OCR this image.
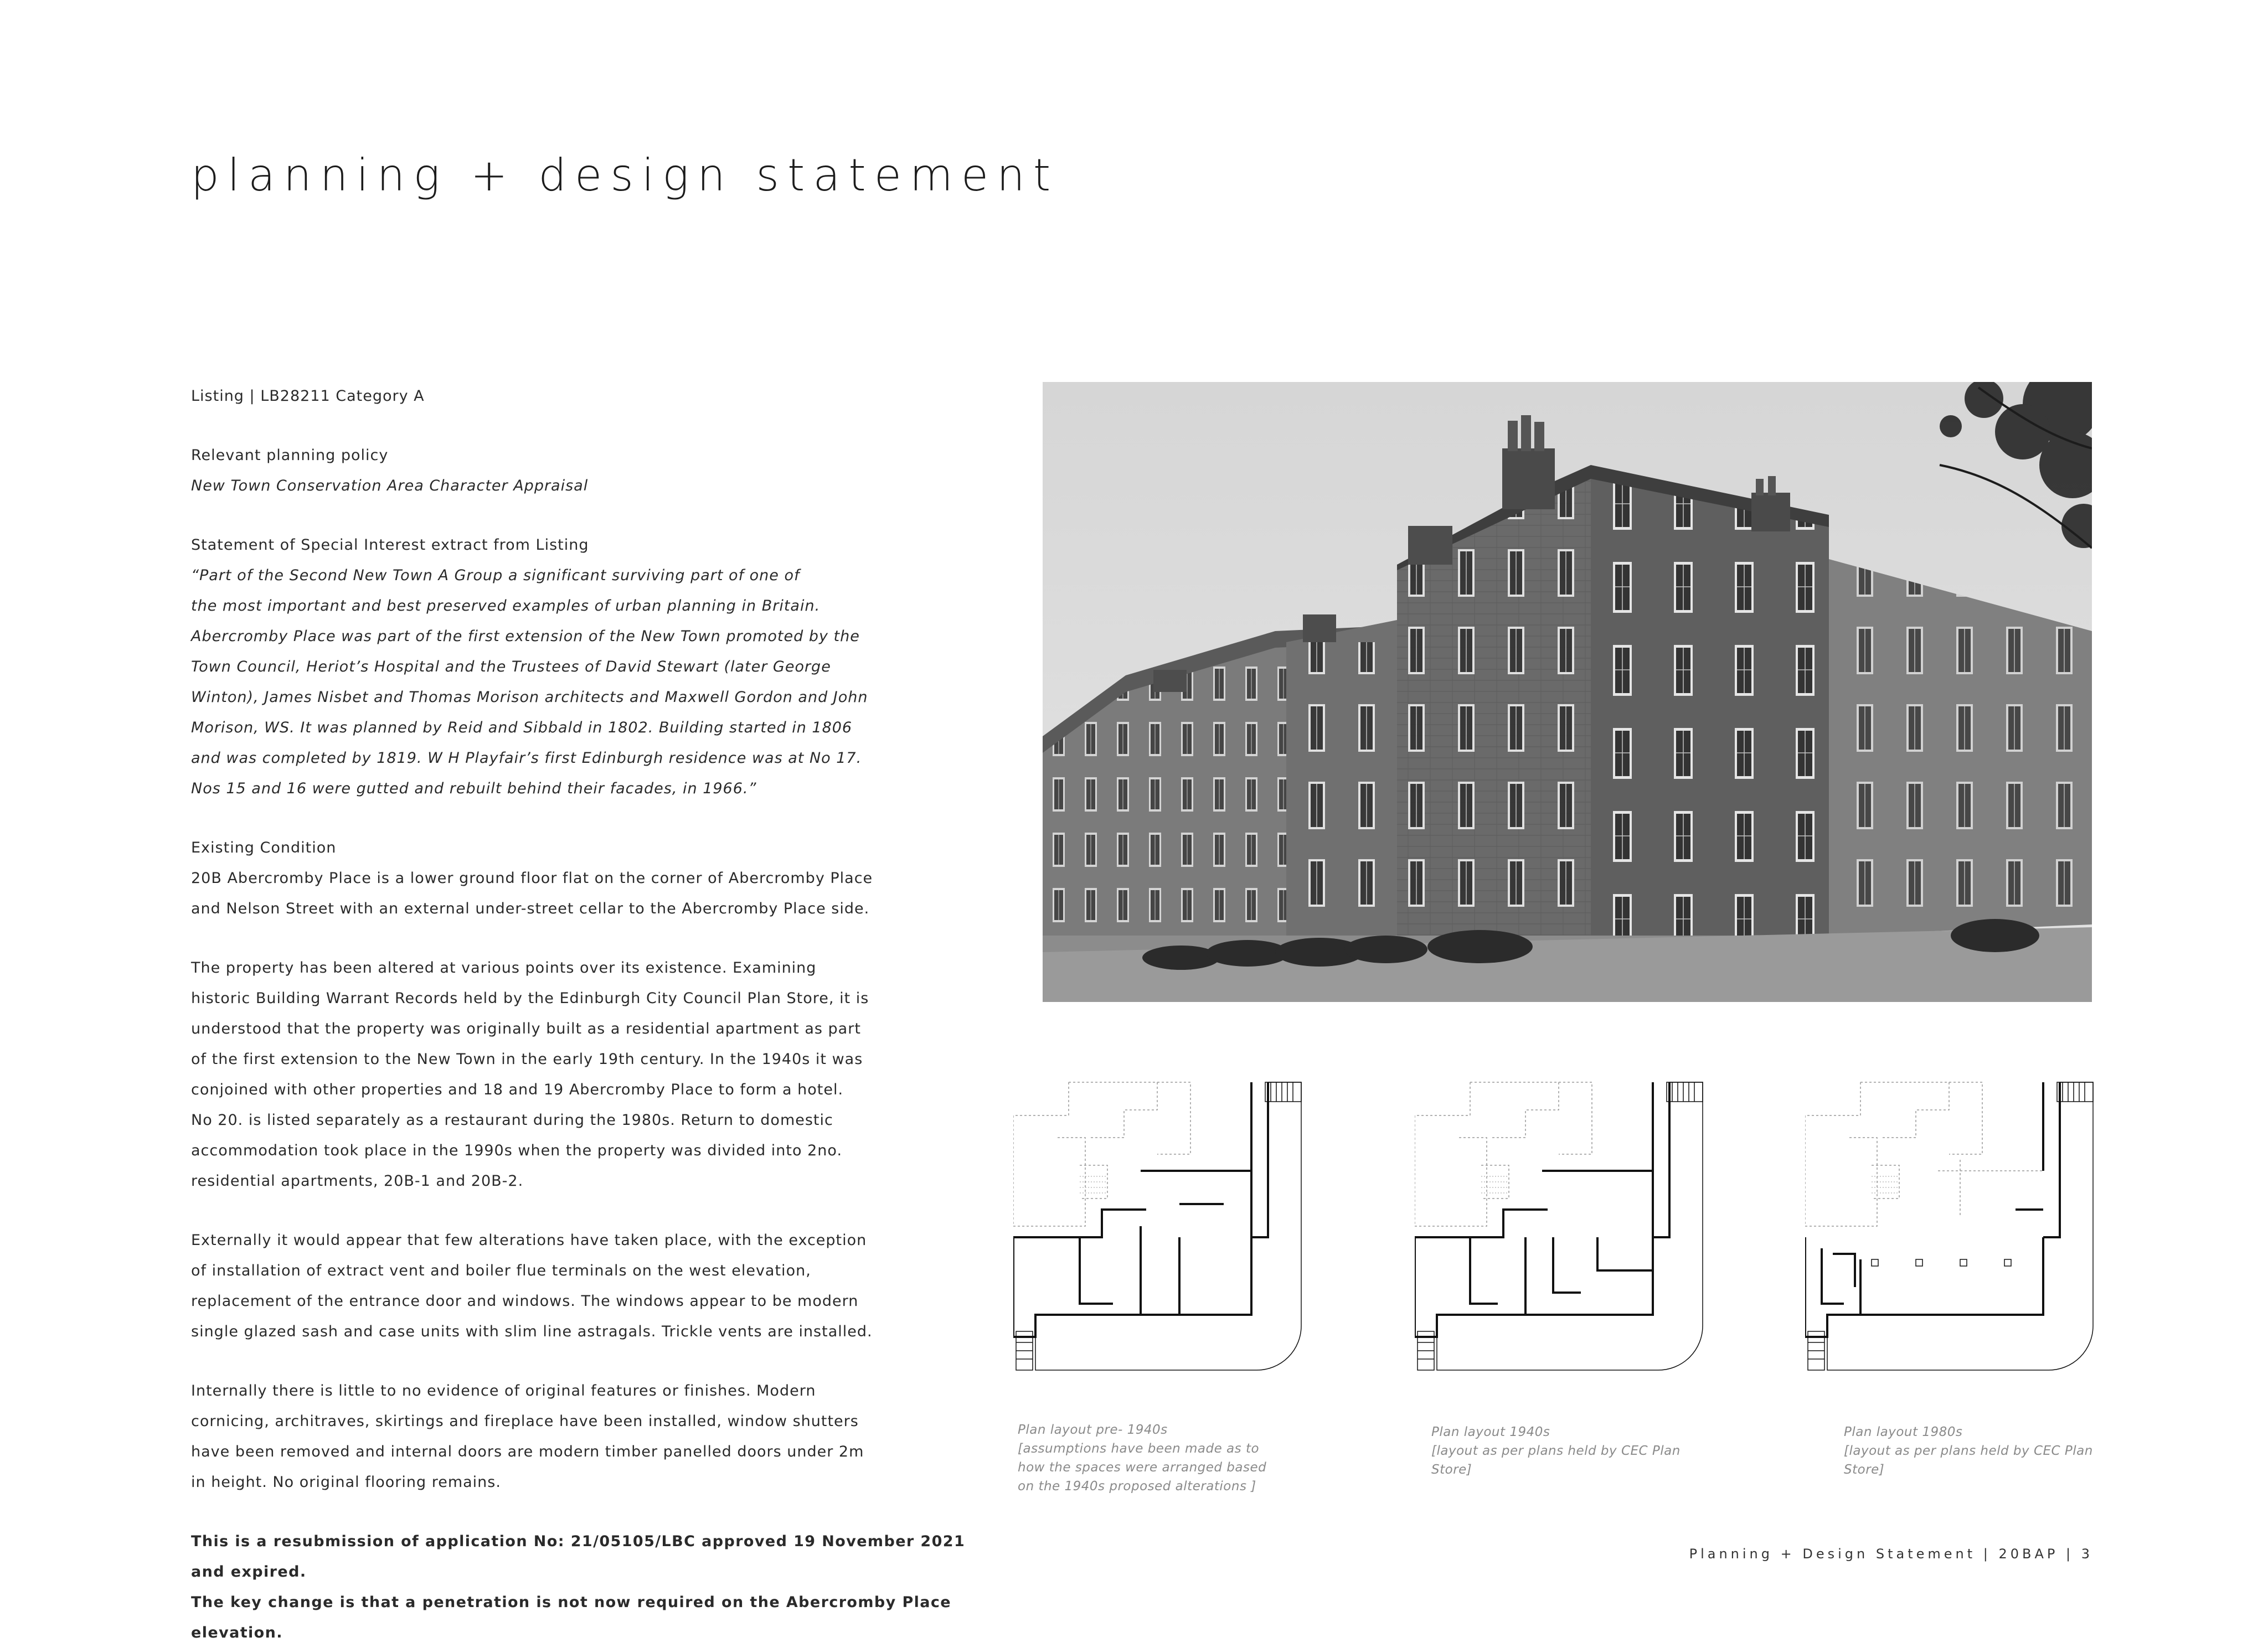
planning + design statement

Listing | LB28211 Category A

Relevant planning policy

New Town Conservation Area Character Appraisal

Statement of Special Interest extract from Listing

“Part of the Second New Town A Group a significant surviving part of one of

the most important and best preserved examples of urban planning in Britain.

Abercromby Place was part of the first extension of the New Town promoted by the

Town Council, Heriot’s Hospital and the Trustees of David Stewart (later George

Winton), James Nisbet and Thomas Morison architects and Maxwell Gordon and John

Morison, WS. It was planned by Reid and Sibbald in 1802. Building started in 1806

and was completed by 1819. W H Playfair’s first Edinburgh residence was at No 17.

Nos 15 and 16 were gutted and rebuilt behind their facades, in 1966.”

Existing Condition

20B Abercromby Place is a lower ground floor flat on the corner of Abercromby Place

and Nelson Street with an external under-street cellar to the Abercromby Place side.

The property has been altered at various points over its existence. Examining

historic Building Warrant Records held by the Edinburgh City Council Plan Store, it is

understood that the property was originally built as a residential apartment as part

of the first extension to the New Town in the early 19th century. In the 1940s it was

conjoined with other properties and 18 and 19 Abercromby Place to form a hotel.

No 20. is listed separately as a restaurant during the 1980s. Return to domestic

accommodation took place in the 1990s when the property was divided into 2no.

residential apartments, 20B-1 and 20B-2.

Externally it would appear that few alterations have taken place, with the exception

of installation of extract vent and boiler flue terminals on the west elevation,

replacement of the entrance door and windows. The windows appear to be modern

single glazed sash and case units with slim line astragals. Trickle vents are installed.

Internally there is little to no evidence of original features or finishes. Modern

cornicing, architraves, skirtings and fireplace have been installed, window shutters

have been removed and internal doors are modern timber panelled doors under 2m

in height. No original flooring remains.

This is a resubmission of application No: 21/05105/LBC approved 19 November 2021 and expired.

The key change is that a penetration is not now required on the Abercromby Place elevation.

Plan layout pre- 1940s
[assumptions have been made as to
how the spaces were arranged based
on the 1940s proposed alterations ]
Plan layout 1940s
[layout as per plans held by CEC Plan
Store]
Plan layout 1980s
[layout as per plans held by CEC Plan
Store]
Planning + Design Statement | 20BAP | 3
